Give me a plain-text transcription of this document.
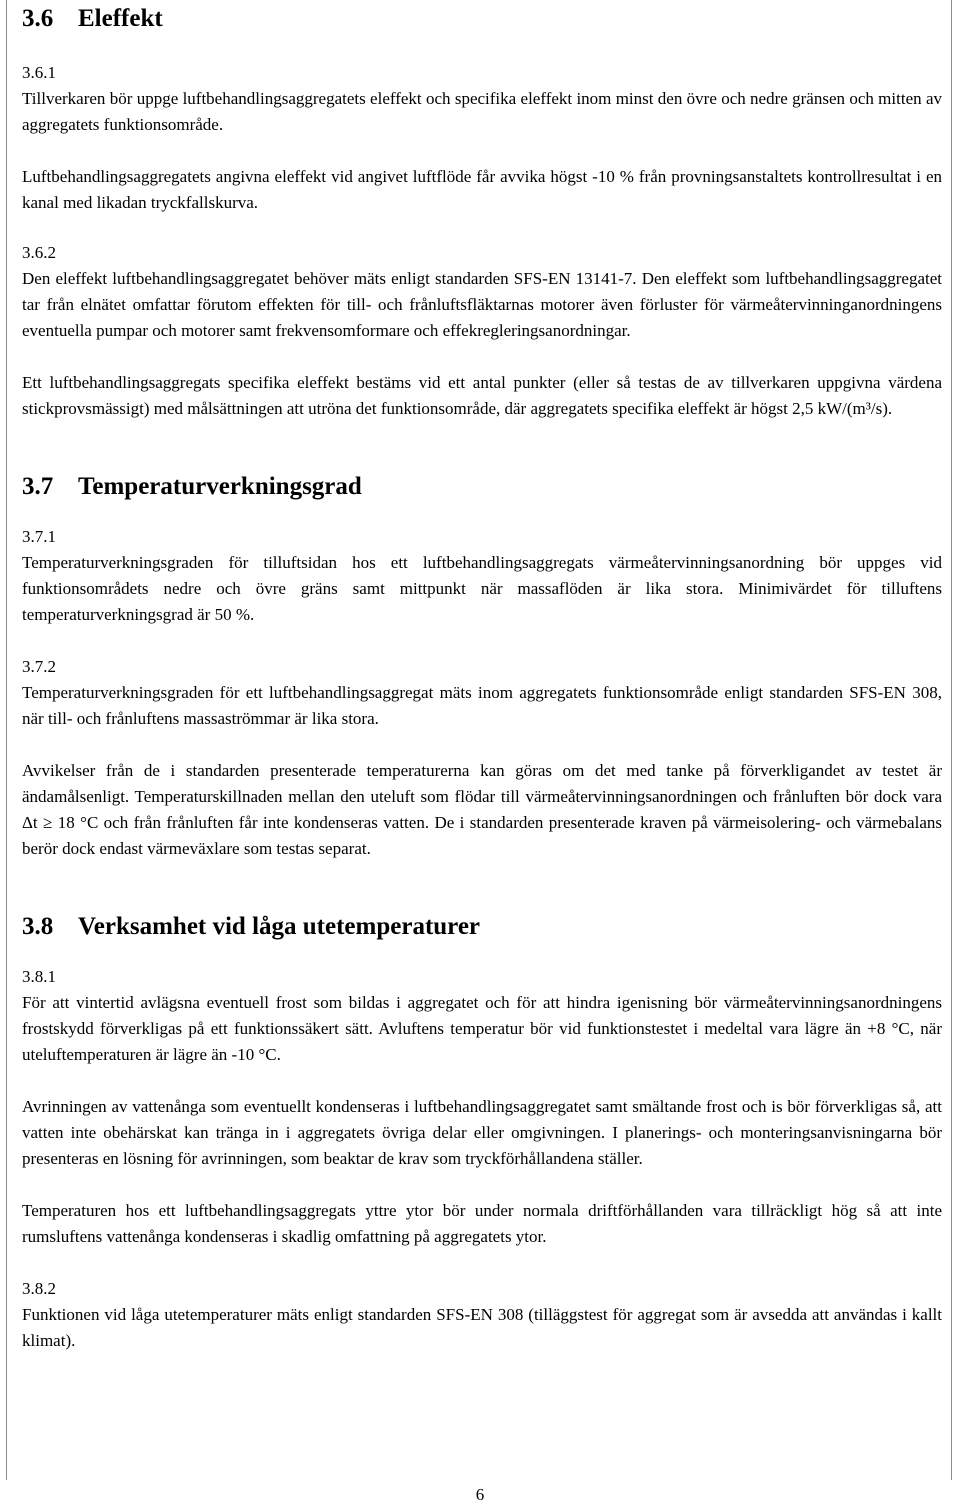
3.6 Eleffekt
3.6.1

Tillverkaren bör uppge luftbehandlingsaggregatets eleffekt och specifika eleffekt inom minst den övre och nedre gränsen och mitten av aggregatets funktionsområde.

Luftbehandlingsaggregatets angivna eleffekt vid angivet luftflöde får avvika högst -10 % från provningsanstaltets kontrollresultat i en kanal med likadan tryckfallskurva.

3.6.2

Den eleffekt luftbehandlingsaggregatet behöver mäts enligt standarden SFS-EN 13141-7. Den eleffekt som luftbehandlingsaggregatet tar från elnätet omfattar förutom effekten för till- och frånluftsfläktarnas motorer även förluster för värmeåtervinninganordningens eventuella pumpar och motorer samt frekvensomformare och effekregleringsanordningar.

Ett luftbehandlingsaggregats specifika eleffekt bestäms vid ett antal punkter (eller så testas de av tillverkaren uppgivna värdena stickprovsmässigt) med målsättningen att utröna det funktionsområde, där aggregatets specifika eleffekt är högst 2,5 kW/(m³/s).

3.7 Temperaturverkningsgrad
3.7.1

Temperaturverkningsgraden för tilluftsidan hos ett luftbehandlingsaggregats värmeåtervinningsanordning bör uppges vid funktionsområdets nedre och övre gräns samt mittpunkt när massaflöden är lika stora. Minimivärdet för tilluftens temperaturverkningsgrad är 50 %.

3.7.2

Temperaturverkningsgraden för ett luftbehandlingsaggregat mäts inom aggregatets funktionsområde enligt standarden SFS-EN 308, när till- och frånluftens massaströmmar är lika stora.

Avvikelser från de i standarden presenterade temperaturerna kan göras om det med tanke på förverkligandet av testet är ändamålsenligt. Temperaturskillnaden mellan den uteluft som flödar till värmeåtervinningsanordningen och frånluften bör dock vara Δt ≥ 18 °C och från frånluften får inte kondenseras vatten. De i standarden presenterade kraven på värmeisolering- och värmebalans berör dock endast värmeväxlare som testas separat.

3.8 Verksamhet vid låga utetemperaturer
3.8.1

För att vintertid avlägsna eventuell frost som bildas i aggregatet och för att hindra igenisning bör värmeåtervinningsanordningens frostskydd förverkligas på ett funktionssäkert sätt. Avluftens temperatur bör vid funktionstestet i medeltal vara lägre än +8 °C, när uteluftemperaturen är lägre än -10 °C.

Avrinningen av vattenånga som eventuellt kondenseras i luftbehandlingsaggregatet samt smältande frost och is bör förverkligas så, att vatten inte obehärskat kan tränga in i aggregatets övriga delar eller omgivningen. I planerings- och monteringsanvisningarna bör presenteras en lösning för avrinningen, som beaktar de krav som tryckförhållandena ställer.

Temperaturen hos ett luftbehandlingsaggregats yttre ytor bör under normala driftförhållanden vara tillräckligt hög så att inte rumsluftens vattenånga kondenseras i skadlig omfattning på aggregatets ytor.

3.8.2

Funktionen vid låga utetemperaturer mäts enligt standarden SFS-EN 308 (tilläggstest för aggregat som är avsedda att användas i kallt klimat).

6
